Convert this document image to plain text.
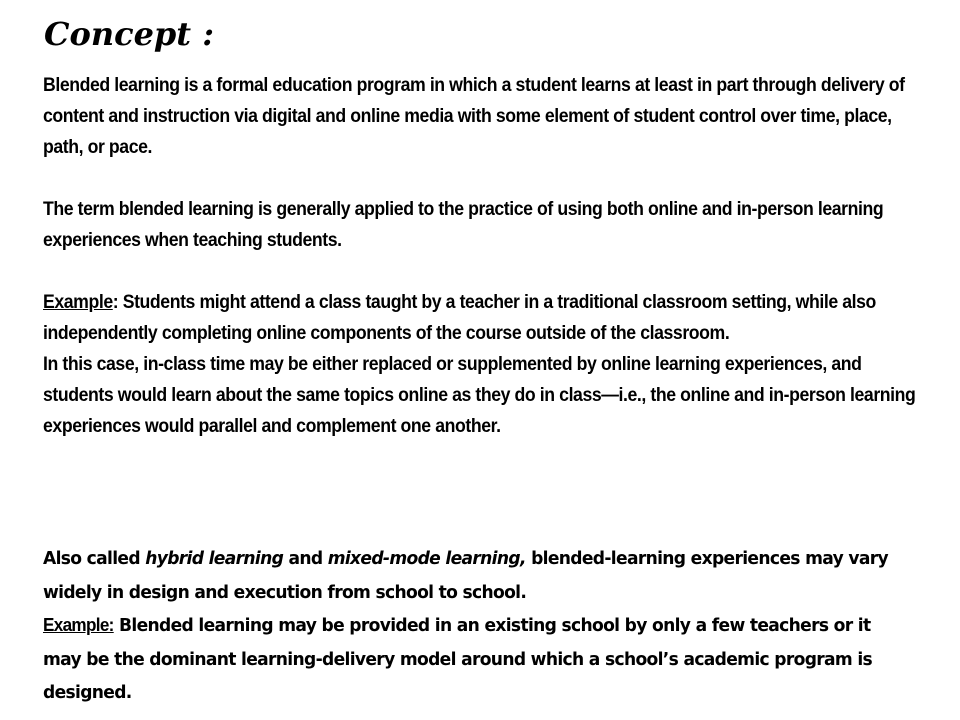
Concept :

Blended learning is a formal education program in which a student learns at least in part through delivery of content and instruction via digital and online media with some element of student control over time, place, path, or pace.

The term blended learning is generally applied to the practice of using both online and in-person learning experiences when teaching students.

Example: Students might attend a class taught by a teacher in a traditional classroom setting, while also independently completing online components of the course outside of the classroom.

In this case, in-class time may be either replaced or supplemented by online learning experiences, and students would learn about the same topics online as they do in class—i.e., the online and in-person learning experiences would parallel and complement one another.

Also called hybrid learning and mixed-mode learning, blended-learning experiences may vary widely in design and execution from school to school.

Example: Blended learning may be provided in an existing school by only a few teachers or it may be the dominant learning-delivery model around which a school’s academic program is designed.
